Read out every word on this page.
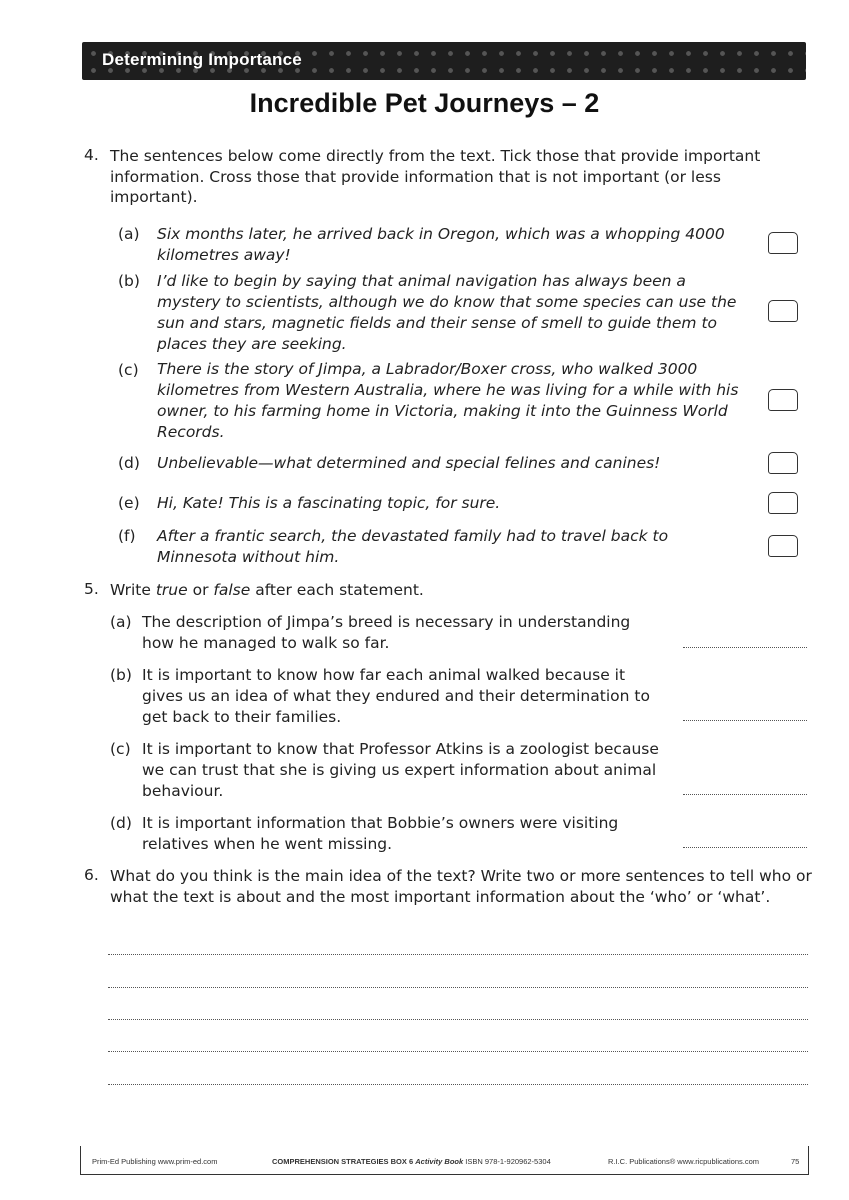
Determining Importance
Incredible Pet Journeys – 2
4. The sentences below come directly from the text. Tick those that provide important information. Cross those that provide information that is not important (or less important).
(a) Six months later, he arrived back in Oregon, which was a whopping 4000 kilometres away!
(b) I’d like to begin by saying that animal navigation has always been a mystery to scientists, although we do know that some species can use the sun and stars, magnetic fields and their sense of smell to guide them to places they are seeking.
(c) There is the story of Jimpa, a Labrador/Boxer cross, who walked 3000 kilometres from Western Australia, where he was living for a while with his owner, to his farming home in Victoria, making it into the Guinness World Records.
(d) Unbelievable—what determined and special felines and canines!
(e) Hi, Kate! This is a fascinating topic, for sure.
(f) After a frantic search, the devastated family had to travel back to Minnesota without him.
5. Write true or false after each statement.
(a) The description of Jimpa’s breed is necessary in understanding how he managed to walk so far.
(b) It is important to know how far each animal walked because it gives us an idea of what they endured and their determination to get back to their families.
(c) It is important to know that Professor Atkins is a zoologist because we can trust that she is giving us expert information about animal behaviour.
(d) It is important information that Bobbie’s owners were visiting relatives when he went missing.
6. What do you think is the main idea of the text? Write two or more sentences to tell who or what the text is about and the most important information about the ‘who’ or ‘what’.
Prim-Ed Publishing www.prim-ed.com	COMPREHENSION STRATEGIES BOX 6 Activity Book ISBN 978-1-920962-5304	R.I.C. Publications® www.ricpublications.com	75
